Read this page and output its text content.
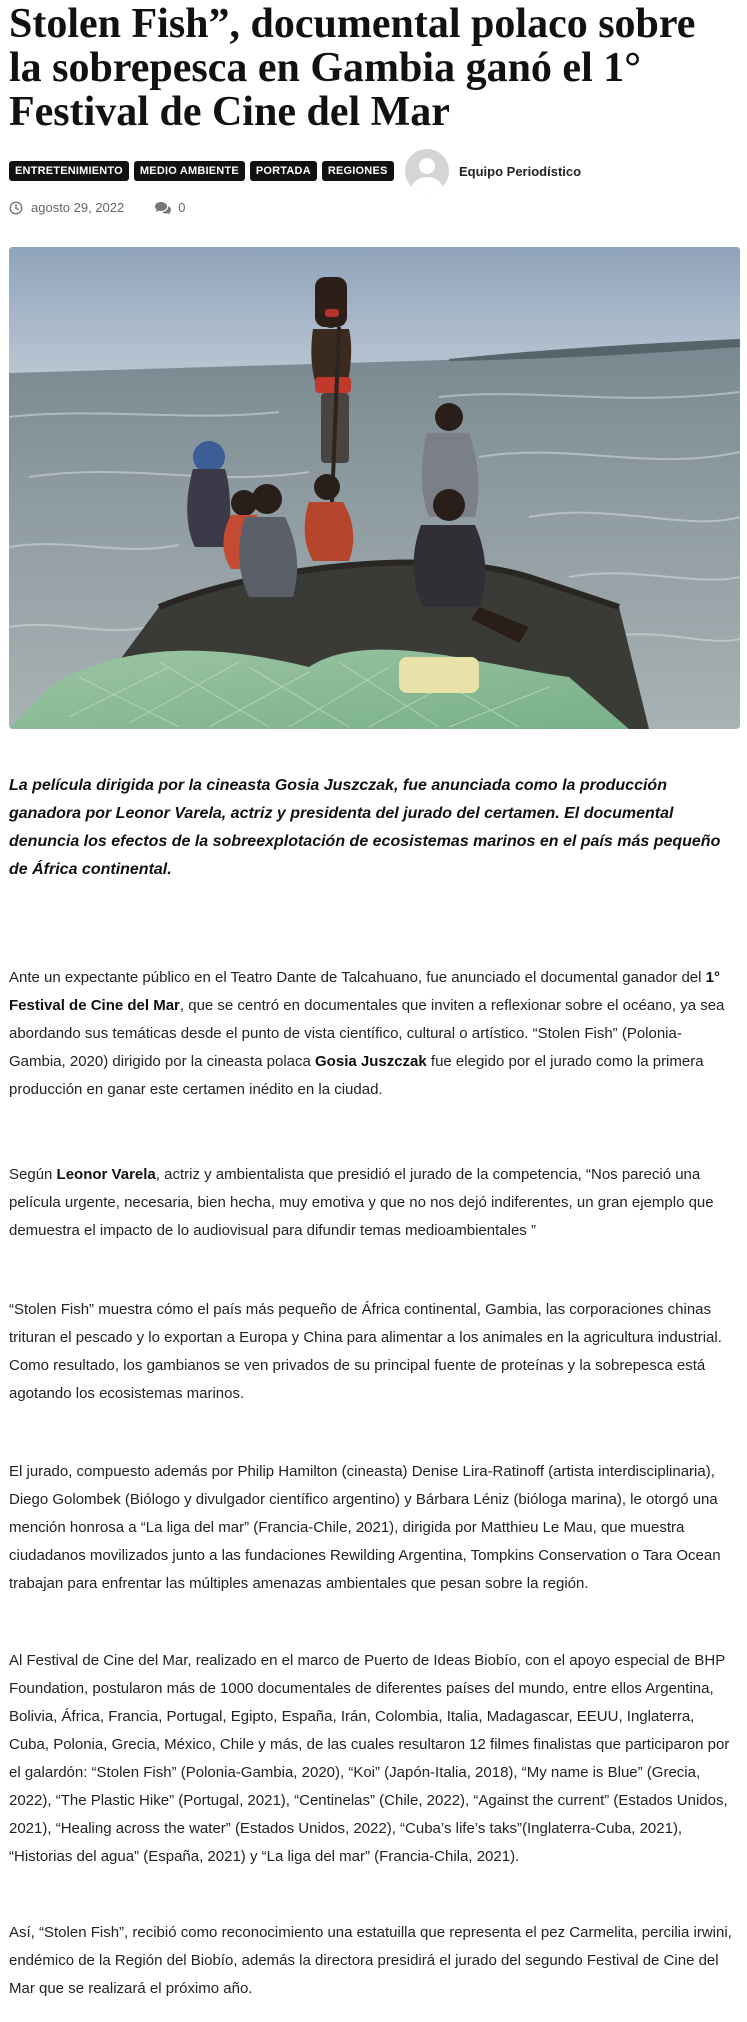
Stolen Fish”, documental polaco sobre la sobrepesca en Gambia ganó el 1° Festival de Cine del Mar
ENTRETENIMIENTO	MEDIO AMBIENTE	PORTADA	REGIONES	Equipo Periodístico
agosto 29, 2022	0

La película dirigida por la cineasta Gosia Juszczak, fue anunciada como la producción ganadora por Leonor Varela, actriz y presidenta del jurado del certamen. El documental denuncia los efectos de la sobreexplotación de ecosistemas marinos en el país más pequeño de África continental.

Ante un expectante público en el Teatro Dante de Talcahuano, fue anunciado el documental ganador del 1° Festival de Cine del Mar, que se centró en documentales que inviten a reflexionar sobre el océano, ya sea abordando sus temáticas desde el punto de vista científico, cultural o artístico. “Stolen Fish” (Polonia-Gambia, 2020) dirigido por la cineasta polaca Gosia Juszczak fue elegido por el jurado como la primera producción en ganar este certamen inédito en la ciudad.

Según Leonor Varela, actriz y ambientalista que presidió el jurado de la competencia, “Nos pareció una película urgente, necesaria, bien hecha, muy emotiva y que no nos dejó indiferentes, un gran ejemplo que demuestra el impacto de lo audiovisual para difundir temas medioambientales ”

“Stolen Fish” muestra cómo el país más pequeño de África continental, Gambia, las corporaciones chinas trituran el pescado y lo exportan a Europa y China para alimentar a los animales en la agricultura industrial. Como resultado, los gambianos se ven privados de su principal fuente de proteínas y la sobrepesca está agotando los ecosistemas marinos.

El jurado, compuesto además por Philip Hamilton (cineasta) Denise Lira-Ratinoff (artista interdisciplinaria), Diego Golombek (Biólogo y divulgador científico argentino) y Bárbara Léniz (bióloga marina), le otorgó una mención honrosa a “La liga del mar” (Francia-Chile, 2021), dirigida por Matthieu Le Mau, que muestra ciudadanos movilizados junto a las fundaciones Rewilding Argentina, Tompkins Conservation o Tara Ocean trabajan para enfrentar las múltiples amenazas ambientales que pesan sobre la región.

Al Festival de Cine del Mar, realizado en el marco de Puerto de Ideas Biobío, con el apoyo especial de BHP Foundation, postularon más de 1000 documentales de diferentes países del mundo, entre ellos Argentina, Bolivia, África, Francia, Portugal, Egipto, España, Irán, Colombia, Italia, Madagascar, EEUU, Inglaterra, Cuba, Polonia, Grecia, México, Chile y más, de las cuales resultaron 12 filmes finalistas que participaron por el galardón: “Stolen Fish” (Polonia-Gambia, 2020), “Koi” (Japón-Italia, 2018), “My name is Blue” (Grecia, 2022), “The Plastic Hike” (Portugal, 2021), “Centinelas” (Chile, 2022), “Against the current” (Estados Unidos, 2021), “Healing across the water” (Estados Unidos, 2022), “Cuba’s life’s taks”(Inglaterra-Cuba, 2021), “Historias del agua” (España, 2021) y “La liga del mar” (Francia-Chila, 2021).

Así, “Stolen Fish”, recibió como reconocimiento una estatuilla que representa el pez Carmelita, percilia irwini, endémico de la Región del Biobío, además la directora presidirá el jurado del segundo Festival de Cine del Mar que se realizará el próximo año.
